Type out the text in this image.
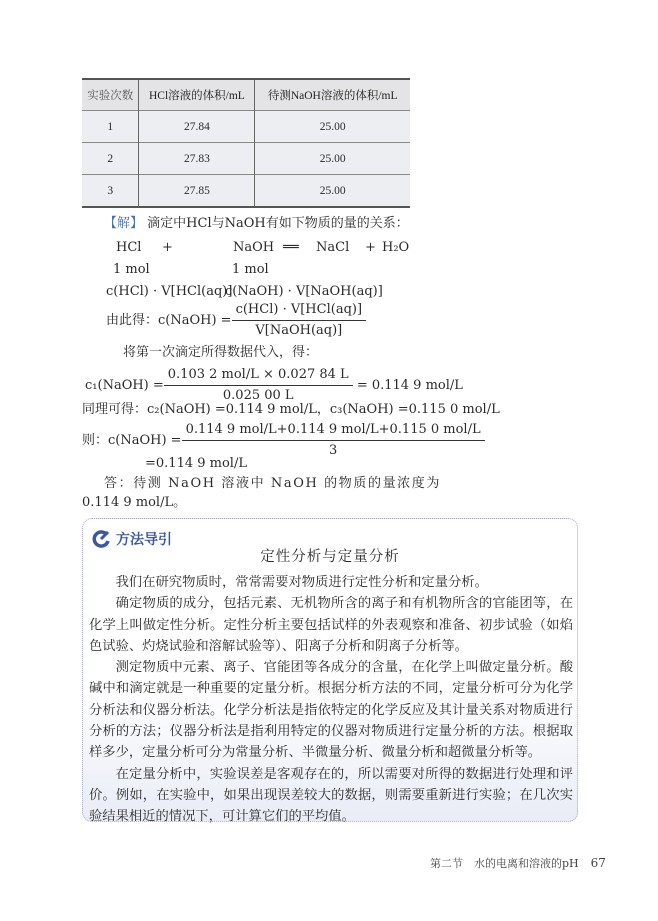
实验次数	HCl溶液的体积/mL	待测NaOH溶液的体积/mL
1	27.84	25.00
2	27.83	25.00
3	27.85	25.00
【解】 滴定中HCl与NaOH有如下物质的量的关系：
HCl +	NaOH ══ NaCl + H₂O
1 mol	1 mol
c(HCl) · V[HCl(aq)]
c(NaOH) · V[NaOH(aq)]
由此得：c(NaOH) = $\frac{\text{c(HCl) · V[HCl(aq)]}}{\text{V[NaOH(aq)]}}$
将第一次滴定所得数据代入，得：
c₁(NaOH) = $\frac{\text{0.103 2 mol/L × 0.027 84 L}}{0.025 00 L} = 0.114$ 9 mol/L
同理可得：c₂(NaOH) =0.114 9 mol/L，c₃(NaOH) =0.115 0 mol/L
则：c(NaOH) = $\frac{\text{0.114 9 mol/L+0.114 9 mol/L+0.115 0 mol/L}}{3}$
=0.114 9 mol/L
答：待测 NaOH 溶液中 NaOH 的物质的量浓度为
0.114 9 mol/L。
方法导引
定性分析与定量分析

我们在研究物质时，常常需要对物质进行定性分析和定量分析。

确定物质的成分，包括元素、无机物所含的离子和有机物所含的官能团等，在化学上叫做定性分析。定性分析主要包括试样的外表观察和准备、初步试验（如焰色试验、灼烧试验和溶解试验等）、阳离子分析和阴离子分析等。

测定物质中元素、离子、官能团等各成分的含量，在化学上叫做定量分析。酸碱中和滴定就是一种重要的定量分析。根据分析方法的不同，定量分析可分为化学分析法和仪器分析法。化学分析法是指依特定的化学反应及其计量关系对物质进行分析的方法；仪器分析法是指利用特定的仪器对物质进行定量分析的方法。根据取样多少，定量分析可分为常量分析、半微量分析、微量分析和超微量分析等。

在定量分析中，实验误差是客观存在的，所以需要对所得的数据进行处理和评价。例如，在实验中，如果出现误差较大的数据，则需要重新进行实验；在几次实验结果相近的情况下，可计算它们的平均值。

第二节　水的电离和溶液的pH 67
